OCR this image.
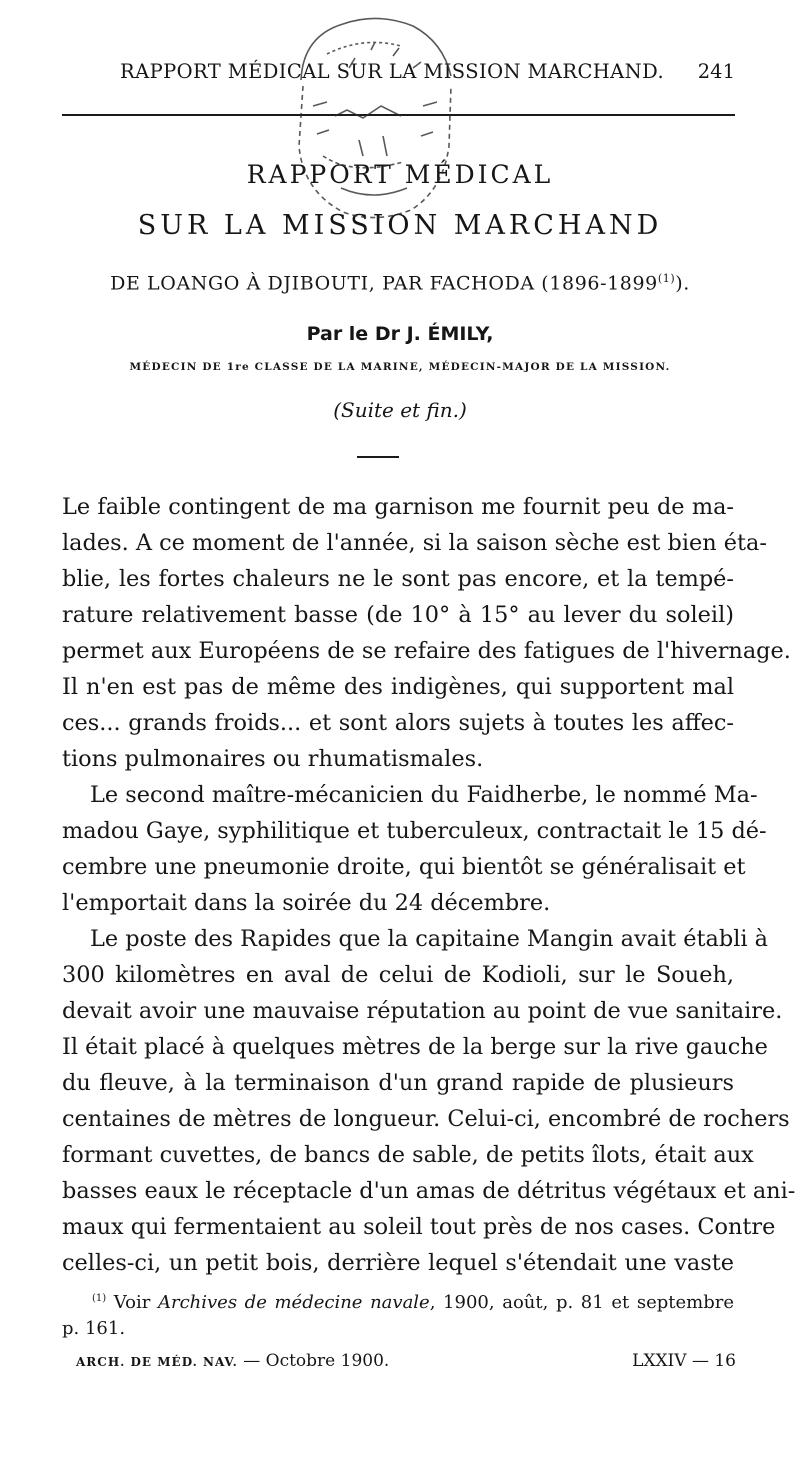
RAPPORT MÉDICAL SUR LA MISSION MARCHAND. 241
RAPPORT MÉDICAL
SUR LA MISSION MARCHAND
DE LOANGO À DJIBOUTI, PAR FACHODA (1896-1899$^{(1)}$).
Par le Dr J. ÉMILY,
MÉDECIN DE 1re CLASSE DE LA MARINE, MÉDECIN-MAJOR DE LA MISSION.
(Suite et fin.)
Le faible contingent de ma garnison me fournit peu de ma-
lades. A ce moment de l'année, si la saison sèche est bien éta-
blie, les fortes chaleurs ne le sont pas encore, et la tempé-
rature relativement basse (de 10° à 15° au lever du soleil)
permet aux Européens de se refaire des fatigues de l'hivernage.
Il n'en est pas de même des indigènes, qui supportent mal
ces... grands froids... et sont alors sujets à toutes les affec-
tions pulmonaires ou rhumatismales.
Le second maître-mécanicien du Faidherbe, le nommé Ma-
madou Gaye, syphilitique et tuberculeux, contractait le 15 dé-
cembre une pneumonie droite, qui bientôt se généralisait et
l'emportait dans la soirée du 24 décembre.
Le poste des Rapides que la capitaine Mangin avait établi à
300 kilomètres en aval de celui de Kodioli, sur le Soueh,
devait avoir une mauvaise réputation au point de vue sanitaire.
Il était placé à quelques mètres de la berge sur la rive gauche
du fleuve, à la terminaison d'un grand rapide de plusieurs
centaines de mètres de longueur. Celui-ci, encombré de rochers
formant cuvettes, de bancs de sable, de petits îlots, était aux
basses eaux le réceptacle d'un amas de détritus végétaux et ani-
maux qui fermentaient au soleil tout près de nos cases. Contre
celles-ci, un petit bois, derrière lequel s'étendait une vaste
$^{(1)}$ Voir Archives de médecine navale, 1900, août, p. 81 et septembre
p. 161.
ARCH. DE MÉD. NAV. — Octobre 1900.	LXXIV — 16
